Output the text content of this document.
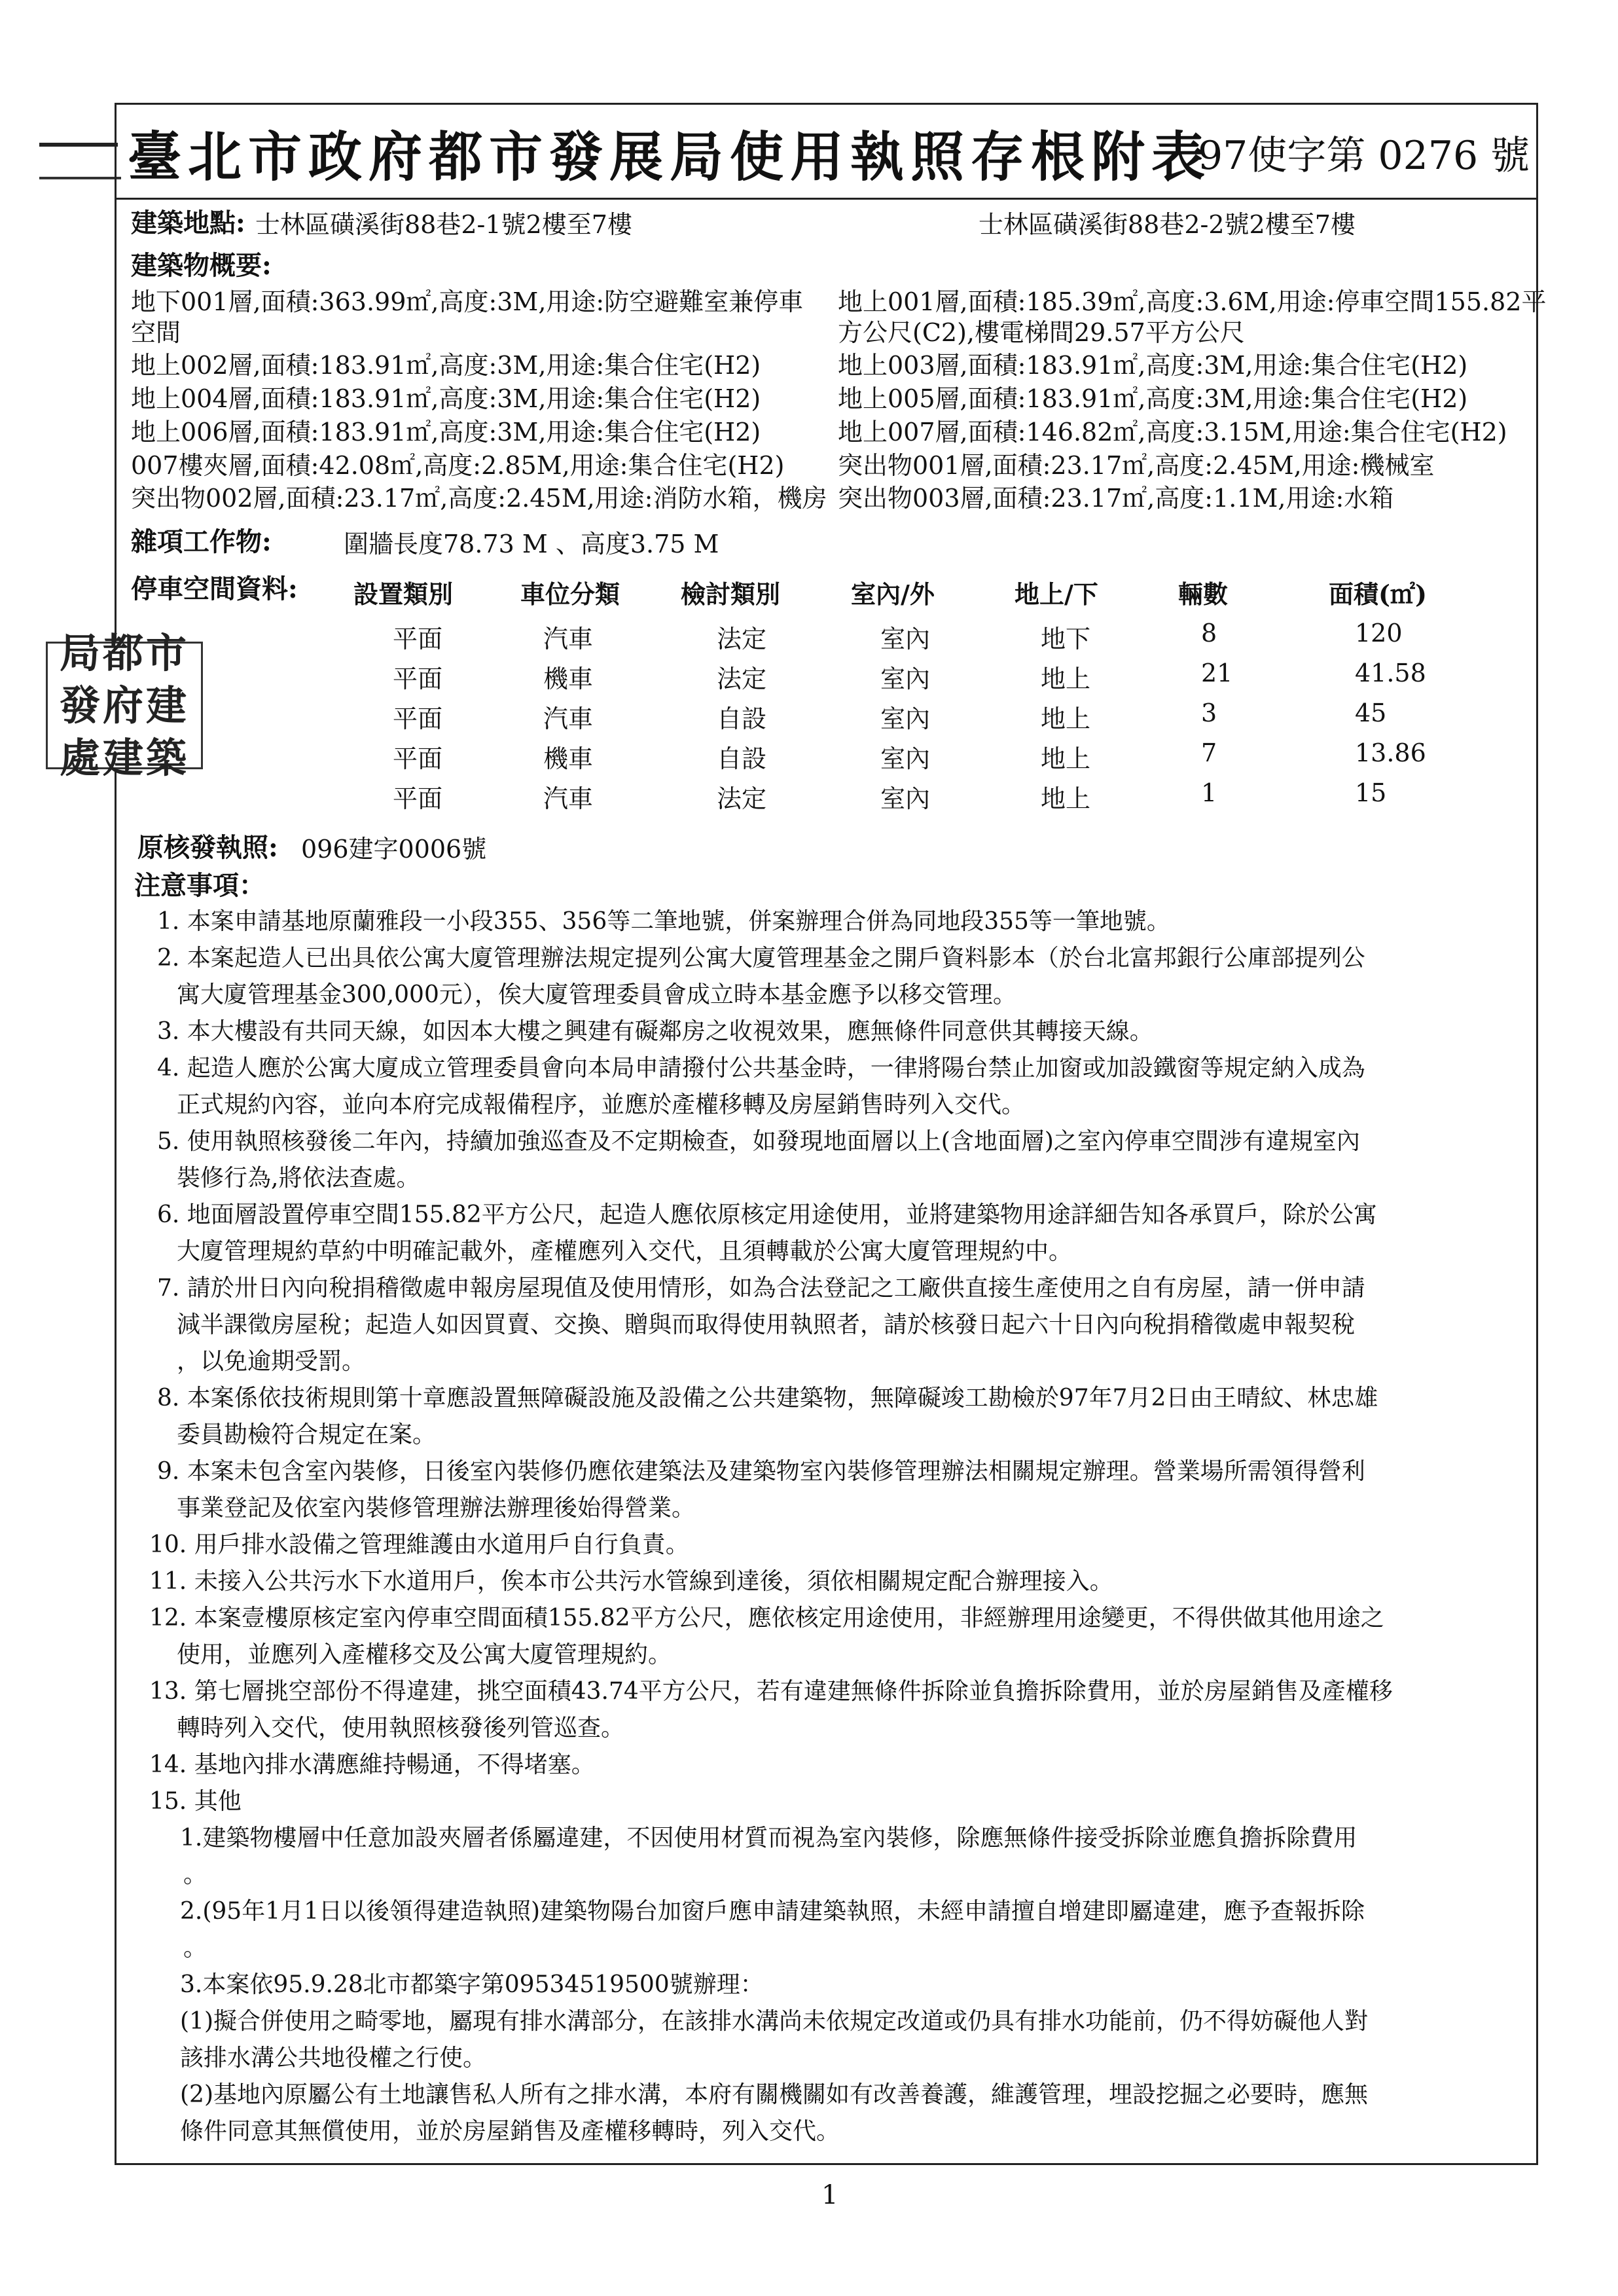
臺北市政府都市發展局使用執照存根附表
97使字第 0276 號
建築地點: 士林區磺溪街88巷2-1號2樓至7樓	士林區磺溪街88巷2-2號2樓至7樓
建築物概要:
地下001層,面積:363.99㎡,高度:3M,用途:防空避難室兼停車
空間
地上002層,面積:183.91㎡,高度:3M,用途:集合住宅(H2)
地上004層,面積:183.91㎡,高度:3M,用途:集合住宅(H2)
地上006層,面積:183.91㎡,高度:3M,用途:集合住宅(H2)
007樓夾層,面積:42.08㎡,高度:2.85M,用途:集合住宅(H2)
突出物002層,面積:23.17㎡,高度:2.45M,用途:消防水箱，機房
地上001層,面積:185.39㎡,高度:3.6M,用途:停車空間155.82平
方公尺(C2),樓電梯間29.57平方公尺
地上003層,面積:183.91㎡,高度:3M,用途:集合住宅(H2)
地上005層,面積:183.91㎡,高度:3M,用途:集合住宅(H2)
地上007層,面積:146.82㎡,高度:3.15M,用途:集合住宅(H2)
突出物001層,面積:23.17㎡,高度:2.45M,用途:機械室
突出物003層,面積:23.17㎡,高度:1.1M,用途:水箱
雜項工作物:	圍牆長度78.73 M 、高度3.75 M
停車空間資料: 設置類別	車位分類 檢討類別	室內/外	地上/下	輛數	面積(㎡)
平面	汽車	法定	室內	地下	8	120
平面	機車	法定	室內	地上	21	41.58
平面	汽車	自設	室內	地上	3	45
平面	機車	自設	室內	地上	7	13.86
平面	汽車	法定	室內	地上	1	15
局都市
發府建
處建築
原核發執照: 096建字0006號
注意事項：
1. 本案申請基地原蘭雅段一小段355、356等二筆地號，併案辦理合併為同地段355等一筆地號。
2. 本案起造人已出具依公寓大廈管理辦法規定提列公寓大廈管理基金之開戶資料影本（於台北富邦銀行公庫部提列公
寓大廈管理基金300,000元），俟大廈管理委員會成立時本基金應予以移交管理。
3. 本大樓設有共同天線，如因本大樓之興建有礙鄰房之收視效果，應無條件同意供其轉接天線。
4. 起造人應於公寓大廈成立管理委員會向本局申請撥付公共基金時，一律將陽台禁止加窗或加設鐵窗等規定納入成為
正式規約內容，並向本府完成報備程序，並應於產權移轉及房屋銷售時列入交代。
5. 使用執照核發後二年內，持續加強巡查及不定期檢查，如發現地面層以上(含地面層)之室內停車空間涉有違規室內
裝修行為,將依法查處。
6. 地面層設置停車空間155.82平方公尺，起造人應依原核定用途使用，並將建築物用途詳細告知各承買戶，除於公寓
大廈管理規約草約中明確記載外，產權應列入交代，且須轉載於公寓大廈管理規約中。
7. 請於卅日內向稅捐稽徵處申報房屋現值及使用情形，如為合法登記之工廠供直接生產使用之自有房屋，請一併申請
減半課徵房屋稅；起造人如因買賣、交換、贈與而取得使用執照者，請於核發日起六十日內向稅捐稽徵處申報契稅
，以免逾期受罰。
8. 本案係依技術規則第十章應設置無障礙設施及設備之公共建築物，無障礙竣工勘檢於97年7月2日由王晴紋、林忠雄
委員勘檢符合規定在案。
9. 本案未包含室內裝修，日後室內裝修仍應依建築法及建築物室內裝修管理辦法相關規定辦理。營業場所需領得營利
事業登記及依室內裝修管理辦法辦理後始得營業。
10. 用戶排水設備之管理維護由水道用戶自行負責。
11. 未接入公共污水下水道用戶，俟本市公共污水管線到達後，須依相關規定配合辦理接入。
12. 本案壹樓原核定室內停車空間面積155.82平方公尺，應依核定用途使用，非經辦理用途變更，不得供做其他用途之
使用，並應列入產權移交及公寓大廈管理規約。
13. 第七層挑空部份不得違建，挑空面積43.74平方公尺，若有違建無條件拆除並負擔拆除費用，並於房屋銷售及產權移
轉時列入交代，使用執照核發後列管巡查。
14. 基地內排水溝應維持暢通，不得堵塞。
15. 其他
1.建築物樓層中任意加設夾層者係屬違建，不因使用材質而視為室內裝修，除應無條件接受拆除並應負擔拆除費用
。
2.(95年1月1日以後領得建造執照)建築物陽台加窗戶應申請建築執照，未經申請擅自增建即屬違建，應予查報拆除
。
3.本案依95.9.28北市都築字第09534519500號辦理：
(1)擬合併使用之畸零地，屬現有排水溝部分，在該排水溝尚未依規定改道或仍具有排水功能前，仍不得妨礙他人對
該排水溝公共地役權之行使。
(2)基地內原屬公有土地讓售私人所有之排水溝，本府有關機關如有改善養護，維護管理，埋設挖掘之必要時，應無
條件同意其無償使用，並於房屋銷售及產權移轉時，列入交代。
1
